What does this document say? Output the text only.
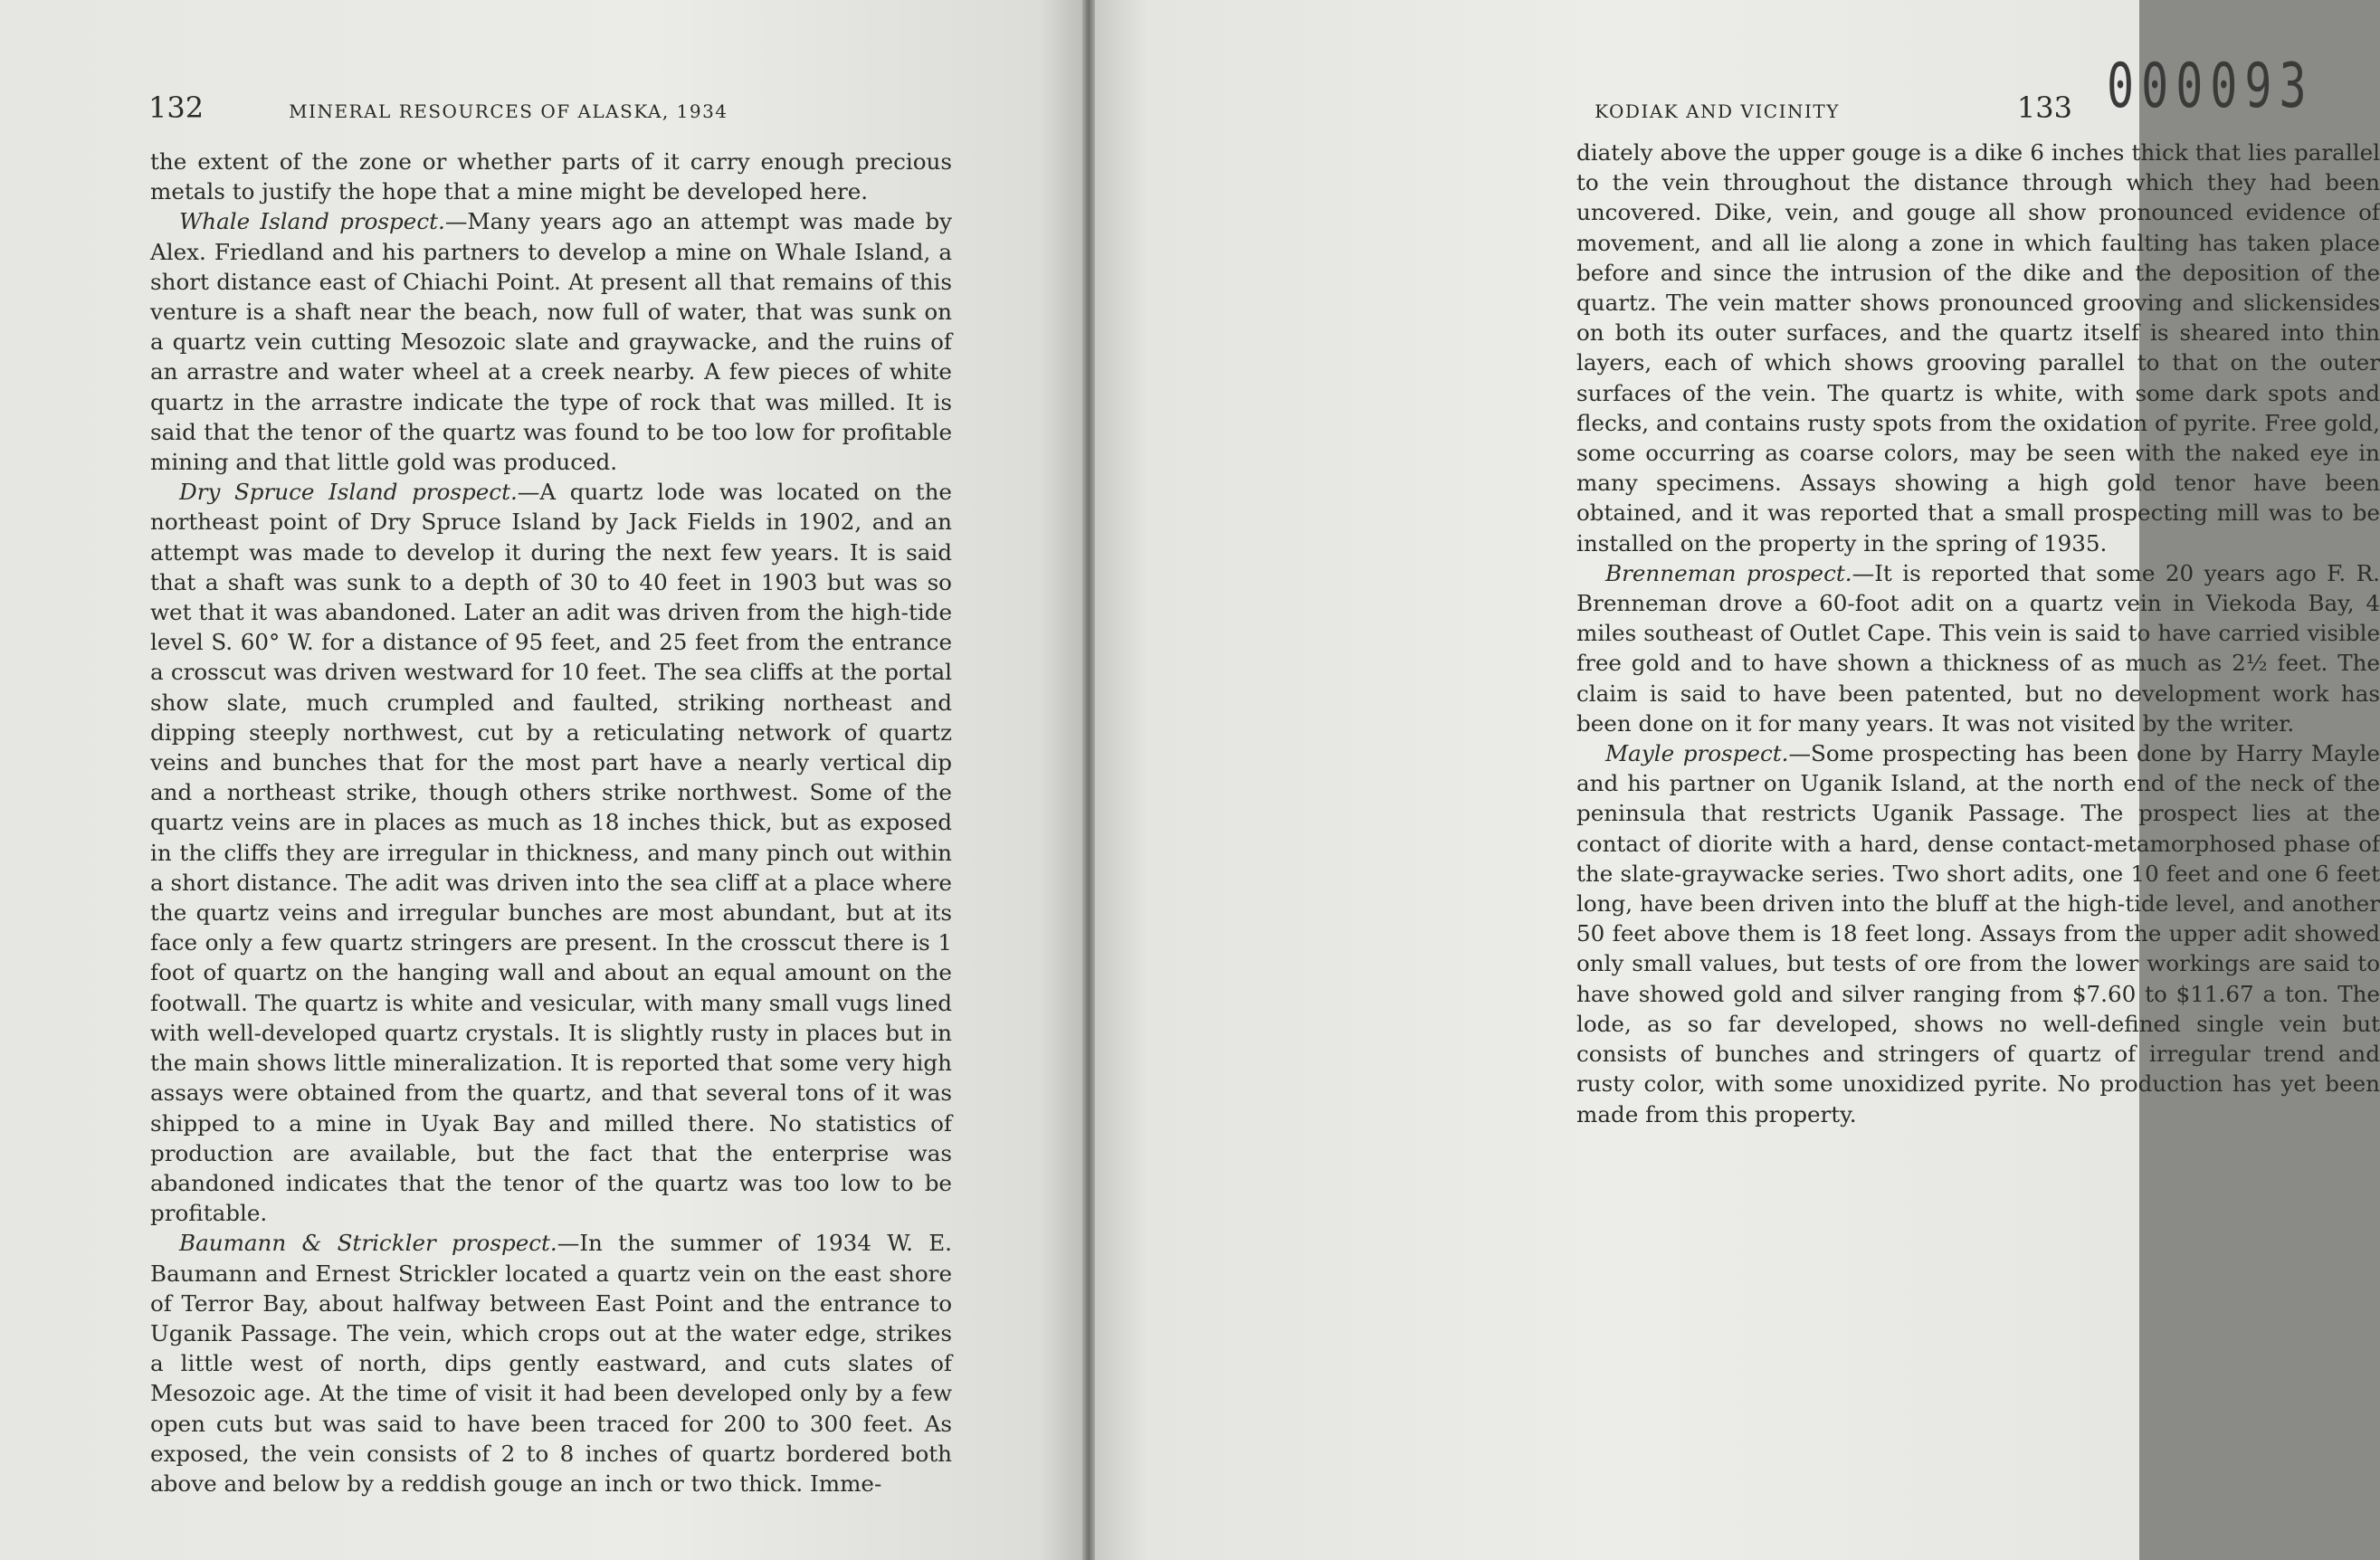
ᅠ
132	MINERAL RESOURCES OF ALASKA, 1934

the extent of the zone or whether parts of it carry enough precious metals to justify the hope that a mine might be developed here.

Whale Island prospect.—Many years ago an attempt was made by Alex. Friedland and his partners to develop a mine on Whale Island, a short distance east of Chiachi Point. At present all that remains of this venture is a shaft near the beach, now full of water, that was sunk on a quartz vein cutting Mesozoic slate and graywacke, and the ruins of an arrastre and water wheel at a creek nearby. A few pieces of white quartz in the arrastre indicate the type of rock that was milled. It is said that the tenor of the quartz was found to be too low for profitable mining and that little gold was produced.

Dry Spruce Island prospect.—A quartz lode was located on the northeast point of Dry Spruce Island by Jack Fields in 1902, and an attempt was made to develop it during the next few years. It is said that a shaft was sunk to a depth of 30 to 40 feet in 1903 but was so wet that it was abandoned. Later an adit was driven from the high-tide level S. 60° W. for a distance of 95 feet, and 25 feet from the entrance a crosscut was driven westward for 10 feet. The sea cliffs at the portal show slate, much crumpled and faulted, striking northeast and dipping steeply northwest, cut by a reticulating network of quartz veins and bunches that for the most part have a nearly vertical dip and a northeast strike, though others strike northwest. Some of the quartz veins are in places as much as 18 inches thick, but as exposed in the cliffs they are irregular in thickness, and many pinch out within a short distance. The adit was driven into the sea cliff at a place where the quartz veins and irregular bunches are most abundant, but at its face only a few quartz stringers are present. In the crosscut there is 1 foot of quartz on the hanging wall and about an equal amount on the footwall. The quartz is white and vesicular, with many small vugs lined with well-developed quartz crystals. It is slightly rusty in places but in the main shows little mineralization. It is reported that some very high assays were obtained from the quartz, and that several tons of it was shipped to a mine in Uyak Bay and milled there. No statistics of production are available, but the fact that the enterprise was abandoned indicates that the tenor of the quartz was too low to be profitable.

Baumann & Strickler prospect.—In the summer of 1934 W. E. Baumann and Ernest Strickler located a quartz vein on the east shore of Terror Bay, about halfway between East Point and the entrance to Uganik Passage. The vein, which crops out at the water edge, strikes a little west of north, dips gently eastward, and cuts slates of Mesozoic age. At the time of visit it had been developed only by a few open cuts but was said to have been traced for 200 to 300 feet. As exposed, the vein consists of 2 to 8 inches of quartz bordered both above and below by a reddish gouge an inch or two thick. Imme-

KODIAK AND VICINITY	133 000093

diately above the upper gouge is a dike 6 inches thick that lies parallel to the vein throughout the distance through which they had been uncovered. Dike, vein, and gouge all show pronounced evidence of movement, and all lie along a zone in which faulting has taken place before and since the intrusion of the dike and the deposition of the quartz. The vein matter shows pronounced grooving and slickensides on both its outer surfaces, and the quartz itself is sheared into thin layers, each of which shows grooving parallel to that on the outer surfaces of the vein. The quartz is white, with some dark spots and flecks, and contains rusty spots from the oxidation of pyrite. Free gold, some occurring as coarse colors, may be seen with the naked eye in many specimens. Assays showing a high gold tenor have been obtained, and it was reported that a small prospecting mill was to be installed on the property in the spring of 1935.

Brenneman prospect.—It is reported that some 20 years ago F. R. Brenneman drove a 60-foot adit on a quartz vein in Viekoda Bay, 4 miles southeast of Outlet Cape. This vein is said to have carried visible free gold and to have shown a thickness of as much as 2½ feet. The claim is said to have been patented, but no development work has been done on it for many years. It was not visited by the writer.

Mayle prospect.—Some prospecting has been done by Harry Mayle and his partner on Uganik Island, at the north end of the neck of the peninsula that restricts Uganik Passage. The prospect lies at the contact of diorite with a hard, dense contact-metamorphosed phase of the slate-graywacke series. Two short adits, one 10 feet and one 6 feet long, have been driven into the bluff at the high-tide level, and another 50 feet above them is 18 feet long. Assays from the upper adit showed only small values, but tests of ore from the lower workings are said to have showed gold and silver ranging from $7.60 to $11.67 a ton. The lode, as so far developed, shows no well-defined single vein but consists of bunches and stringers of quartz of irregular trend and rusty color, with some unoxidized pyrite. No production has yet been made from this property.
